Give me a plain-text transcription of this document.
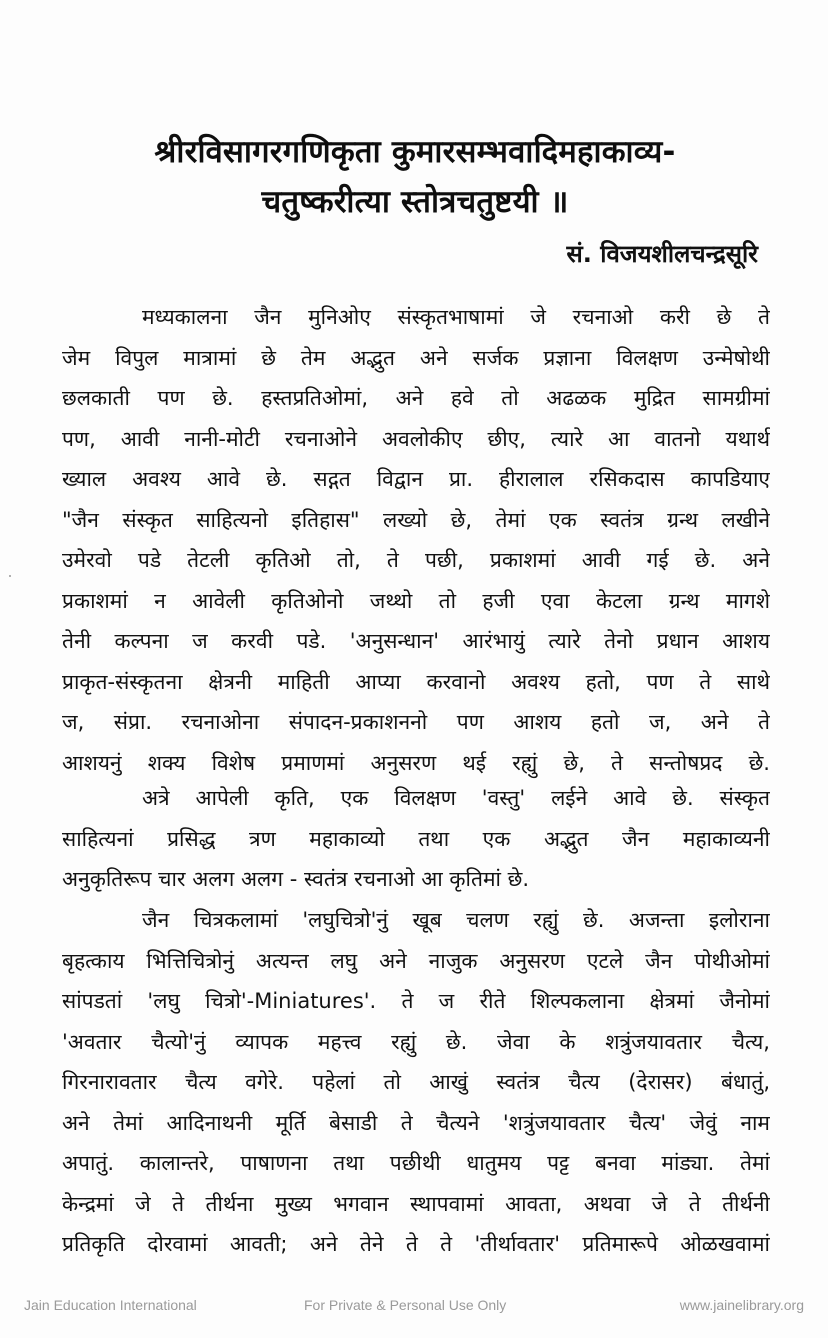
श्रीरविसागरगणिकृता कुमारसम्भवादिमहाकाव्य-
चतुष्करीत्या स्तोत्रचतुष्टयी ॥
सं. विजयशीलचन्द्रसूरि
मध्यकालना जैन मुनिओए संस्कृतभाषामां जे रचनाओ करी छे ते
जेम विपुल मात्रामां छे तेम अद्भुत अने सर्जक प्रज्ञाना विलक्षण उन्मेषोथी
छलकाती पण छे. हस्तप्रतिओमां, अने हवे तो अढळक मुद्रित सामग्रीमां
पण, आवी नानी-मोटी रचनाओने अवलोकीए छीए, त्यारे आ वातनो यथार्थ
ख्याल अवश्य आवे छे. सद्गत विद्वान प्रा. हीरालाल रसिकदास कापडियाए
"जैन संस्कृत साहित्यनो इतिहास" लख्यो छे, तेमां एक स्वतंत्र ग्रन्थ लखीने
उमेरवो पडे तेटली कृतिओ तो, ते पछी, प्रकाशमां आवी गई छे. अने
प्रकाशमां न आवेली कृतिओनो जथ्थो तो हजी एवा केटला ग्रन्थ मागशे
तेनी कल्पना ज करवी पडे. 'अनुसन्धान' आरंभायुं त्यारे तेनो प्रधान आशय
प्राकृत-संस्कृतना क्षेत्रनी माहिती आप्या करवानो अवश्य हतो, पण ते साथे
ज, संप्रा. रचनाओना संपादन-प्रकाशननो पण आशय हतो ज, अने ते
आशयनुं शक्य विशेष प्रमाणमां अनुसरण थई रह्युं छे, ते सन्तोषप्रद छे.
अत्रे आपेली कृति, एक विलक्षण 'वस्तु' लईने आवे छे. संस्कृत
साहित्यनां प्रसिद्ध त्रण महाकाव्यो तथा एक अद्भुत जैन महाकाव्यनी
अनुकृतिरूप चार अलग अलग - स्वतंत्र रचनाओ आ कृतिमां छे.
जैन चित्रकलामां 'लघुचित्रो'नुं खूब चलण रह्युं छे. अजन्ता इलोराना
बृहत्काय भित्तिचित्रोनुं अत्यन्त लघु अने नाजुक अनुसरण एटले जैन पोथीओमां
सांपडतां 'लघु चित्रो'-Miniatures'. ते ज रीते शिल्पकलाना क्षेत्रमां जैनोमां
'अवतार चैत्यो'नुं व्यापक महत्त्व रह्युं छे. जेवा के शत्रुंजयावतार चैत्य,
गिरनारावतार चैत्य वगेरे. पहेलां तो आखुं स्वतंत्र चैत्य (देरासर) बंधातुं,
अने तेमां आदिनाथनी मूर्ति बेसाडी ते चैत्यने 'शत्रुंजयावतार चैत्य' जेवुं नाम
अपातुं. कालान्तरे, पाषाणना तथा पछीथी धातुमय पट्ट बनवा मांड्या. तेमां
केन्द्रमां जे ते तीर्थना मुख्य भगवान स्थापवामां आवता, अथवा जे ते तीर्थनी
प्रतिकृति दोरवामां आवती; अने तेने ते ते 'तीर्थावतार' प्रतिमारूपे ओळखवामां
Jain Education International	For Private & Personal Use Only	www.jainelibrary.org
